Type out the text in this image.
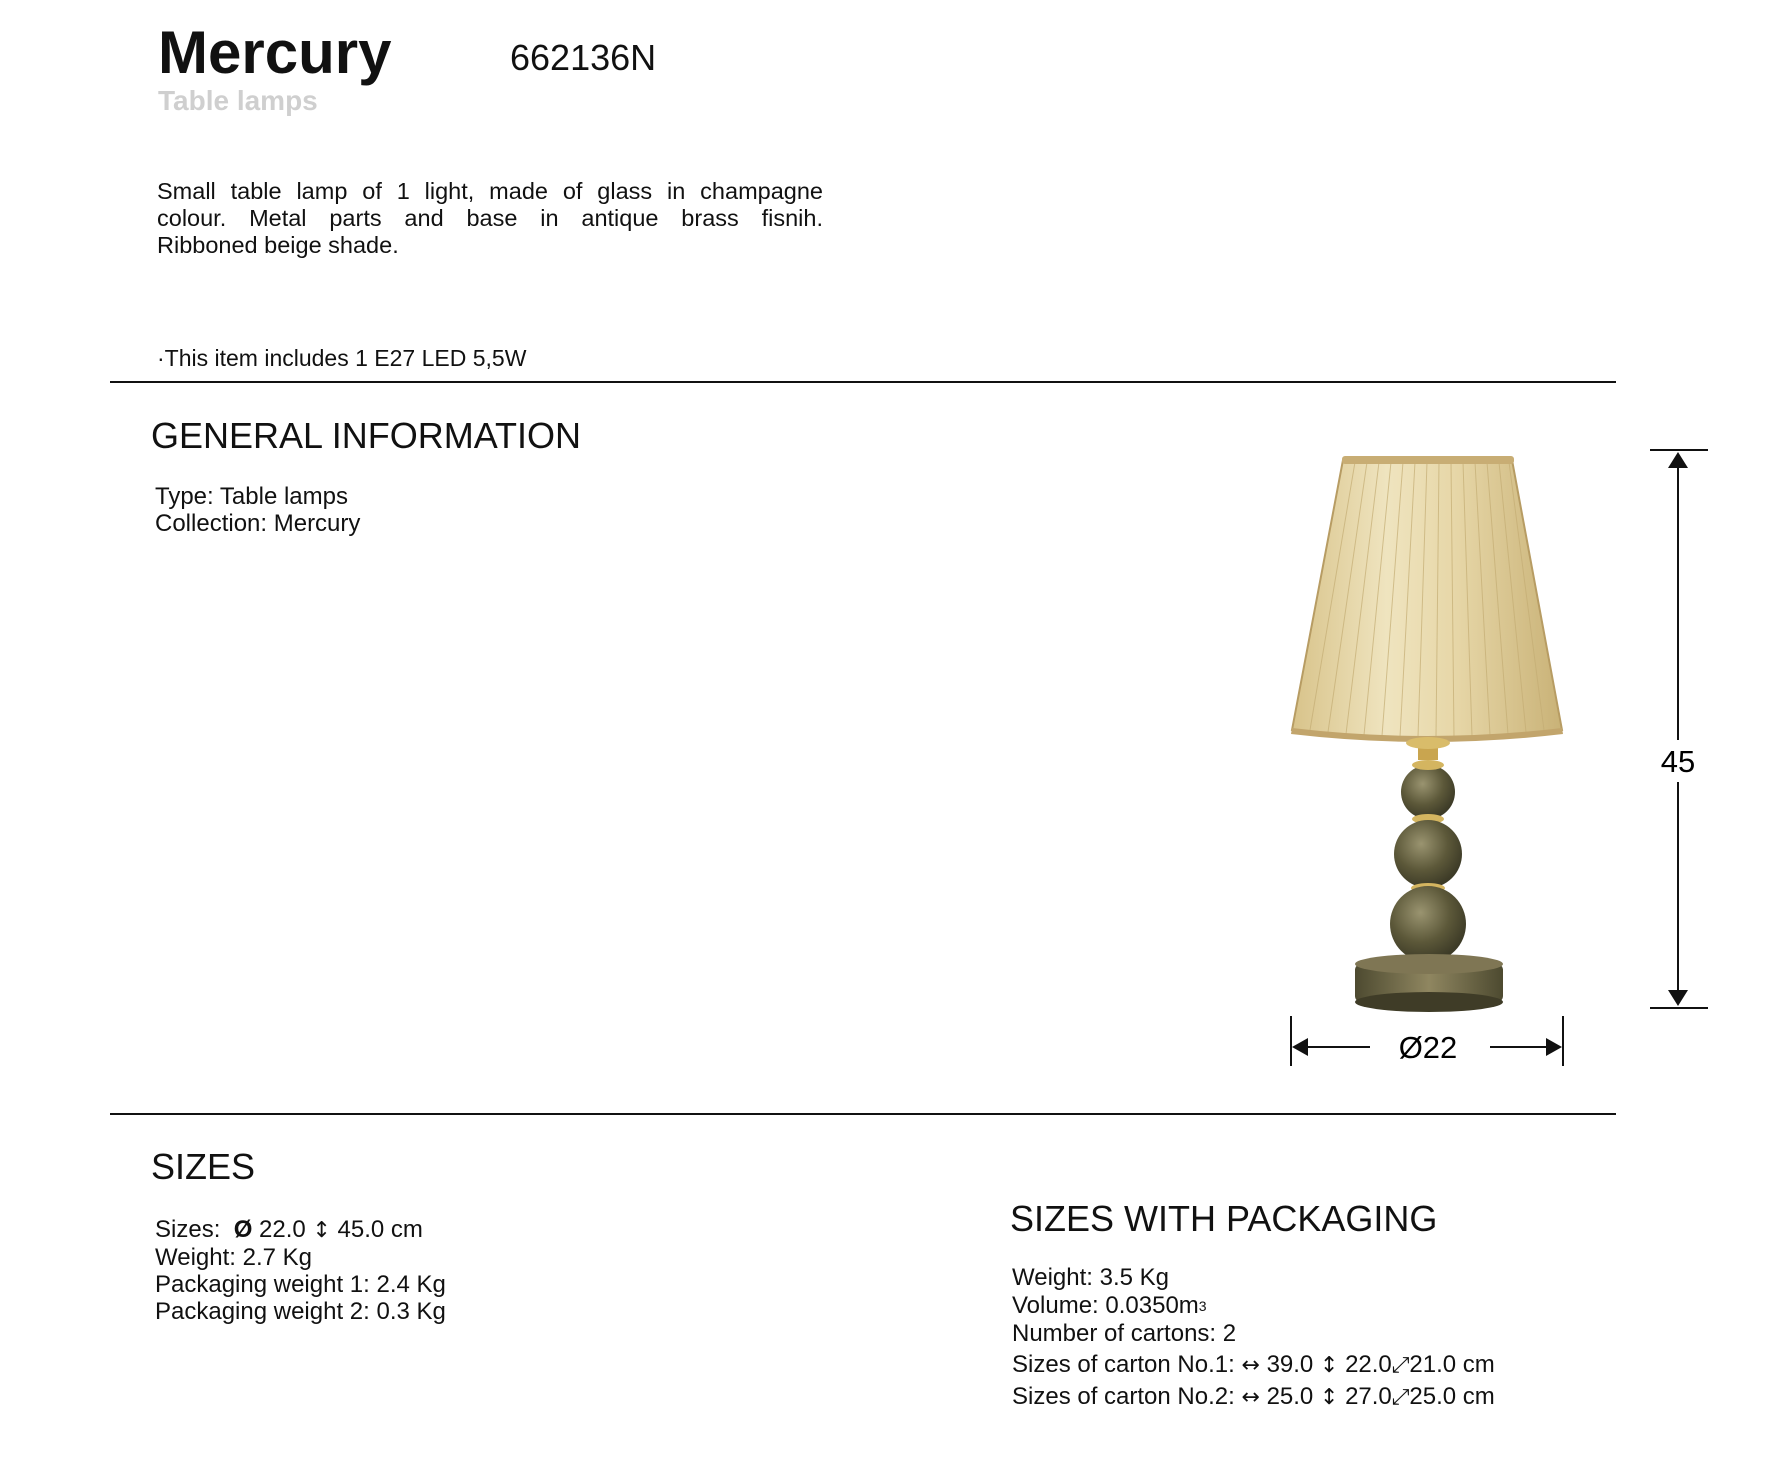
Mercury	662136N
Table lamps
Small table lamp of 1 light, made of glass in champagne
colour. Metal parts and base in antique brass fisnih.
Ribboned beige shade.
·This item includes 1 E27 LED 5,5W
GENERAL INFORMATION
Type: Table lamps
Collection: Mercury
45
Ø22
SIZES
Sizes: Ø 22.0 ↕ 45.0 cm
Weight: 2.7 Kg
Packaging weight 1: 2.4 Kg
Packaging weight 2: 0.3 Kg
SIZES WITH PACKAGING
Weight: 3.5 Kg
Volume: $0.0350m^3$
Number of cartons: 2
Sizes of carton No.1: ↔ 39.0 ↕ 22.0⤢21.0 cm
Sizes of carton No.2: ↔ 25.0 ↕ 27.0⤢25.0 cm
